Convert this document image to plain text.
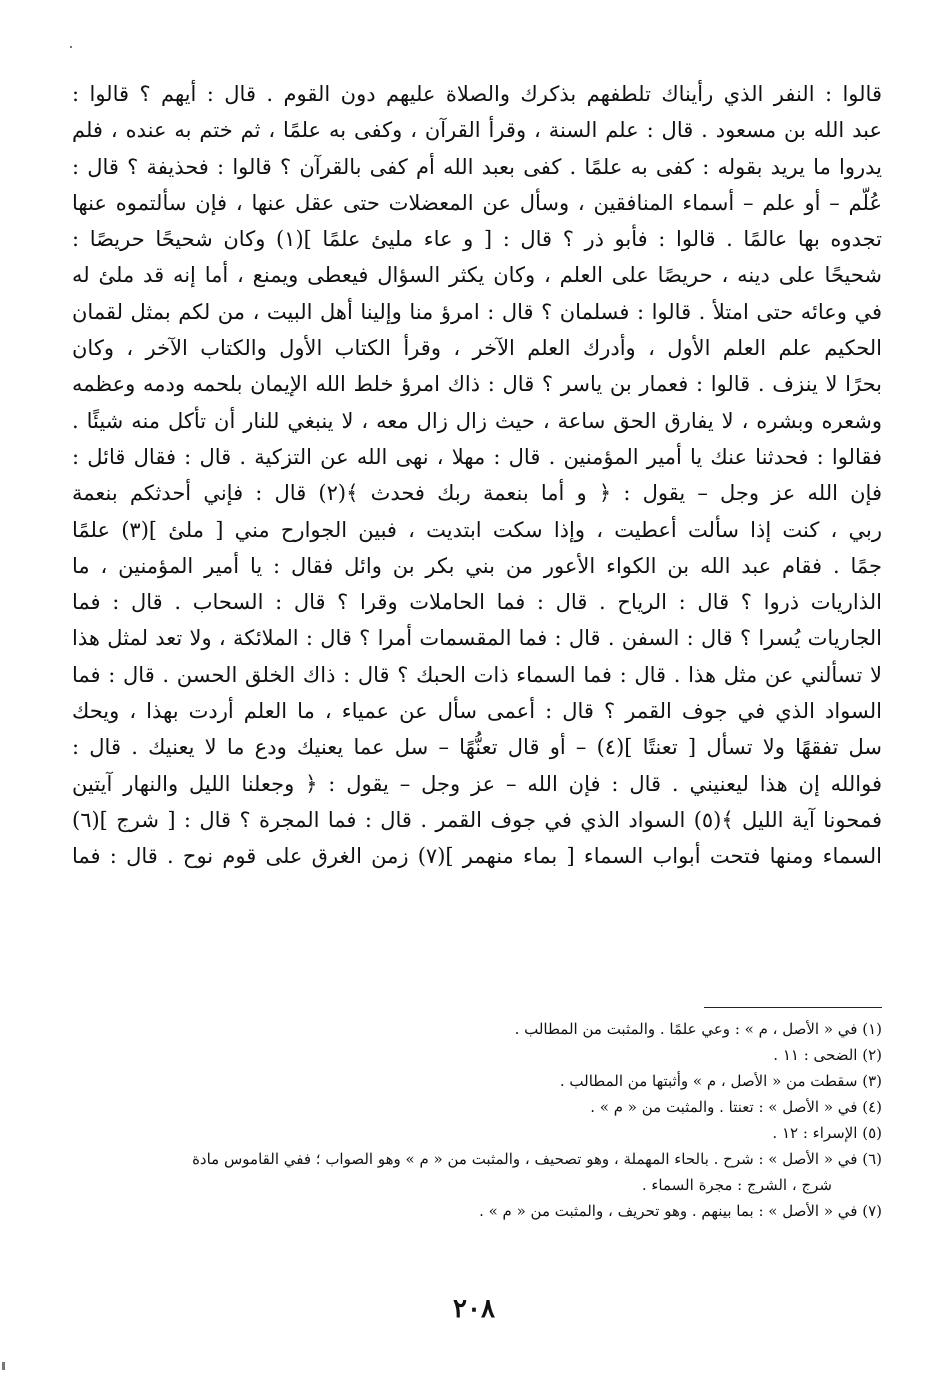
قالوا : النفر الذي رأيناك تلطفهم بذكرك والصلاة عليهم دون القوم . قال : أيهم ؟ قالوا :
عبد الله بن مسعود . قال : علم السنة ، وقرأ القرآن ، وكفى به علمًا ، ثم ختم به عنده ، فلم
يدروا ما يريد بقوله : كفى به علمًا . كفى بعبد الله أم كفى بالقرآن ؟ قالوا : فحذيفة ؟ قال :
عُلّم – أو علم – أسماء المنافقين ، وسأل عن المعضلات حتى عقل عنها ، فإن سألتموه عنها
تجدوه بها عالمًا . قالوا : فأبو ذر ؟ قال : [ و عاء مليئ علمًا ](١) وكان شحيحًا حريصًا :
شحيحًا على دينه ، حريصًا على العلم ، وكان يكثر السؤال فيعطى ويمنع ، أما إنه قد ملئ له
في وعائه حتى امتلأ . قالوا : فسلمان ؟ قال : امرؤ منا وإلينا أهل البيت ، من لكم بمثل لقمان
الحكيم علم العلم الأول ، وأدرك العلم الآخر ، وقرأ الكتاب الأول والكتاب الآخر ، وكان
بحرًا لا ينزف . قالوا : فعمار بن ياسر ؟ قال : ذاك امرؤ خلط الله الإيمان بلحمه ودمه وعظمه
وشعره وبشره ، لا يفارق الحق ساعة ، حيث زال زال معه ، لا ينبغي للنار أن تأكل منه شيئًا .
فقالوا : فحدثنا عنك يا أمير المؤمنين . قال : مهلا ، نهى الله عن التزكية . قال : فقال قائل :
فإن الله عز وجل – يقول : ﴿ و أما بنعمة ربك فحدث ﴾(٢) قال : فإني أحدثكم بنعمة
ربي ، كنت إذا سألت أعطيت ، وإذا سكت ابتديت ، فبين الجوارح مني [ ملئ ](٣) علمًا
جمًا . فقام عبد الله بن الكواء الأعور من بني بكر بن وائل فقال : يا أمير المؤمنين ، ما
الذاريات ذروا ؟ قال : الرياح . قال : فما الحاملات وقرا ؟ قال : السحاب . قال : فما
الجاريات يُسرا ؟ قال : السفن . قال : فما المقسمات أمرا ؟ قال : الملائكة ، ولا تعد لمثل هذا
لا تسألني عن مثل هذا . قال : فما السماء ذات الحبك ؟ قال : ذاك الخلق الحسن . قال : فما
السواد الذي في جوف القمر ؟ قال : أعمى سأل عن عمياء ، ما العلم أردت بهذا ، ويحك
سل تفقهًا ولا تسأل [ تعنتًا ](٤) – أو قال تعنُّهًا – سل عما يعنيك ودع ما لا يعنيك . قال :
فوالله إن هذا ليعنيني . قال : فإن الله – عز وجل – يقول : ﴿ وجعلنا الليل والنهار آيتين
فمحونا آية الليل ﴾(٥) السواد الذي في جوف القمر . قال : فما المجرة ؟ قال : [ شرج ](٦)
السماء ومنها فتحت أبواب السماء [ بماء منهمر ](٧) زمن الغرق على قوم نوح . قال : فما
(١) في « الأصل ، م » : وعي علمًا . والمثبت من المطالب .
(٢) الضحى : ١١ .
(٣) سقطت من « الأصل ، م » وأثبتها من المطالب .
(٤) في « الأصل » : تعنتا . والمثبت من « م » .
(٥) الإسراء : ١٢ .
(٦) في « الأصل » : شرح . بالحاء المهملة ، وهو تصحيف ، والمثبت من « م » وهو الصواب ؛ ففي القاموس مادة
شرج ، الشرج : مجرة السماء .
(٧) في « الأصل » : بما بينهم . وهو تحريف ، والمثبت من « م » .
٢٠٨
